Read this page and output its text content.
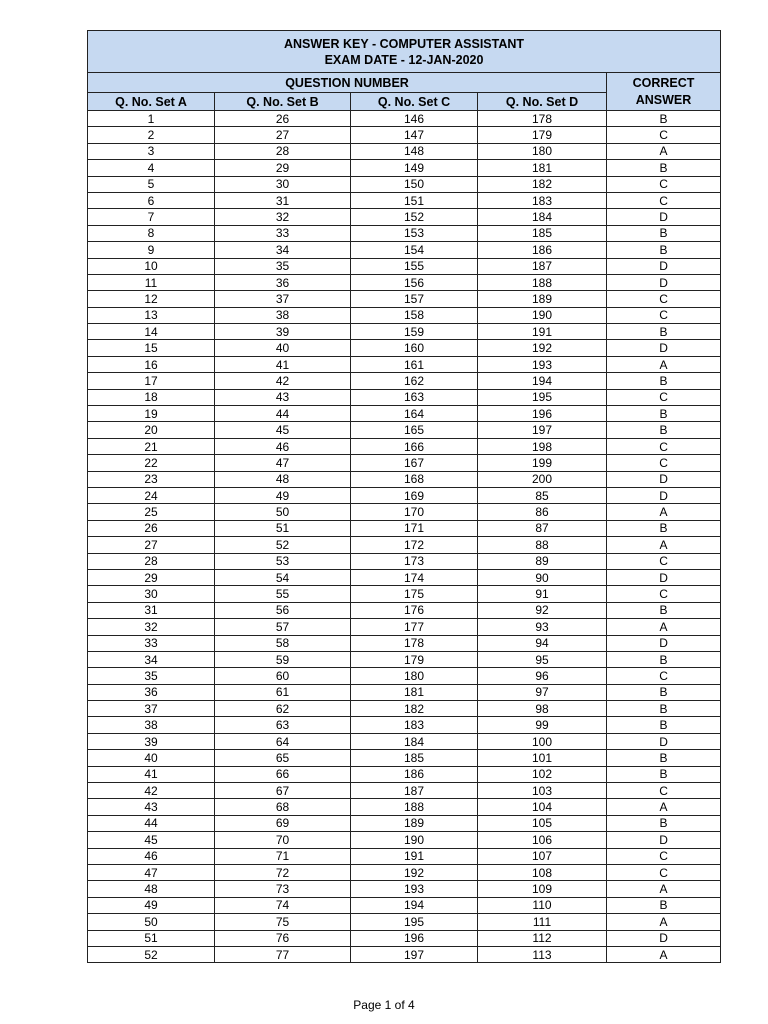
ANSWER KEY - COMPUTER ASSISTANT
EXAM DATE - 12-JAN-2020				

QUESTION NUMBER				CORRECT
ANSWER

Q. No. Set A	Q. No. Set B	Q. No. Set C	Q. No. Set D	
1	26	146	178	B
2	27	147	179	C
3	28	148	180	A
4	29	149	181	B
5	30	150	182	C
6	31	151	183	C
7	32	152	184	D
8	33	153	185	B
9	34	154	186	B
10	35	155	187	D
11	36	156	188	D
12	37	157	189	C
13	38	158	190	C
14	39	159	191	B
15	40	160	192	D
16	41	161	193	A
17	42	162	194	B
18	43	163	195	C
19	44	164	196	B
20	45	165	197	B
21	46	166	198	C
22	47	167	199	C
23	48	168	200	D
24	49	169	85	D
25	50	170	86	A
26	51	171	87	B
27	52	172	88	A
28	53	173	89	C
29	54	174	90	D
30	55	175	91	C
31	56	176	92	B
32	57	177	93	A
33	58	178	94	D
34	59	179	95	B
35	60	180	96	C
36	61	181	97	B
37	62	182	98	B
38	63	183	99	B
39	64	184	100	D
40	65	185	101	B
41	66	186	102	B
42	67	187	103	C
43	68	188	104	A
44	69	189	105	B
45	70	190	106	D
46	71	191	107	C
47	72	192	108	C
48	73	193	109	A
49	74	194	110	B
50	75	195	111	A
51	76	196	112	D
52	77	197	113	A
Page 1 of 4
